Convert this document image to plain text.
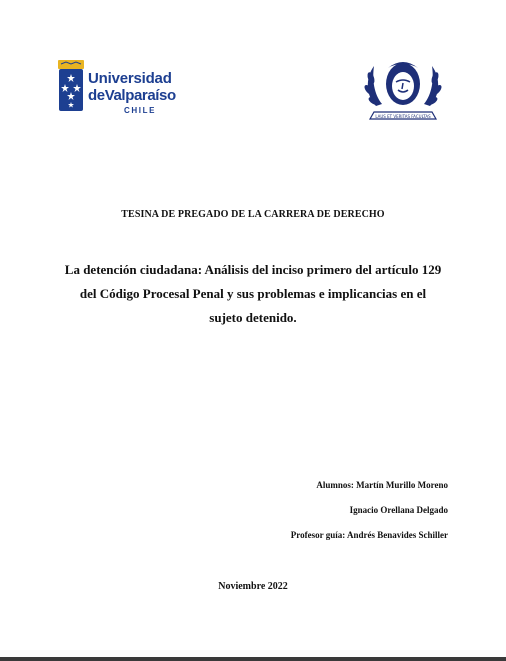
Universidad
deValparaíso
CHILE
LAUS ET VERITAS FACULTAS
TESINA DE PREGADO DE LA CARRERA DE DERECHO
La detención ciudadana: Análisis del inciso primero del artículo 129
del Código Procesal Penal y sus problemas e implicancias en el
sujeto detenido.
Alumnos: Martín Murillo Moreno
Ignacio Orellana Delgado
Profesor guía: Andrés Benavides Schiller
Noviembre 2022
